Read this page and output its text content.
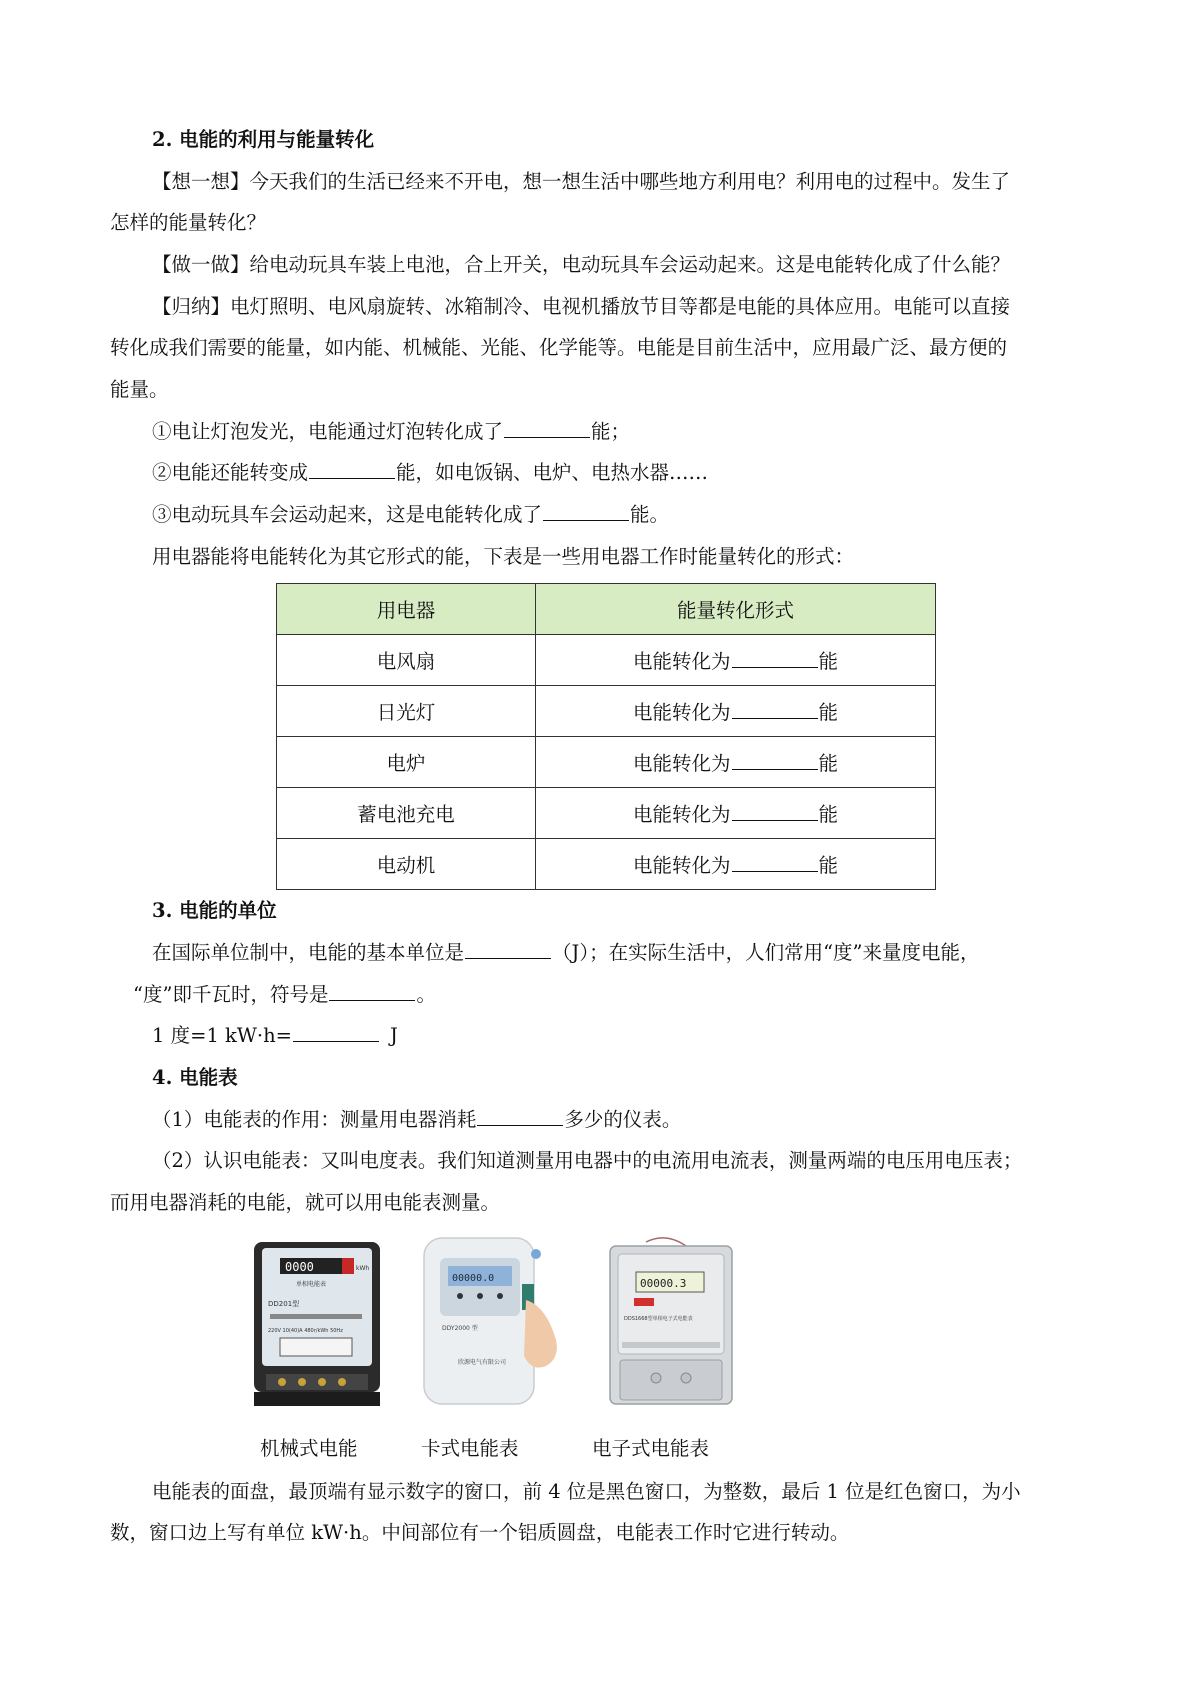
2. 电能的利用与能量转化
【想一想】今天我们的生活已经来不开电，想一想生活中哪些地方利用电？利用电的过程中。发生了
怎样的能量转化？
【做一做】给电动玩具车装上电池，合上开关，电动玩具车会运动起来。这是电能转化成了什么能？
【归纳】电灯照明、电风扇旋转、冰箱制冷、电视机播放节目等都是电能的具体应用。电能可以直接
转化成我们需要的能量，如内能、机械能、光能、化学能等。电能是目前生活中，应用最广泛、最方便的
能量。
①电让灯泡发光，电能通过灯泡转化成了	能；
②电能还能转变成	能，如电饭锅、电炉、电热水器……
③电动玩具车会运动起来，这是电能转化成了	能。
用电器能将电能转化为其它形式的能，下表是一些用电器工作时能量转化的形式：
用电器	能量转化形式
电风扇	电能转化为 能
日光灯	电能转化为 能
电炉	电能转化为 能
蓄电池充电	电能转化为 能
电动机	电能转化为 能
3. 电能的单位
在国际单位制中，电能的基本单位是	（J）；在实际生活中，人们常用“度”来量度电能，
“度”即千瓦时，符号是	。
1 度=1 kW·h=	J
4. 电能表
（1）电能表的作用：测量用电器消耗	多少的仪表。
（2）认识电能表：又叫电度表。我们知道测量用电器中的电流用电流表，测量两端的电压用电压表；
而用电器消耗的电能，就可以用电能表测量。
0000	kWh
单相电能表
DD201型
220V 10(40)A 480r/kWh 50Hz
00000.0
DDY2000 型
欣源电气有限公司
00000.3
DDS1668型单相电子式电能表
机械式电能	卡式电能表	电子式电能表
电能表的面盘，最顶端有显示数字的窗口，前 4 位是黑色窗口，为整数，最后 1 位是红色窗口，为小
数，窗口边上写有单位 kW·h。中间部位有一个铝质圆盘，电能表工作时它进行转动。
